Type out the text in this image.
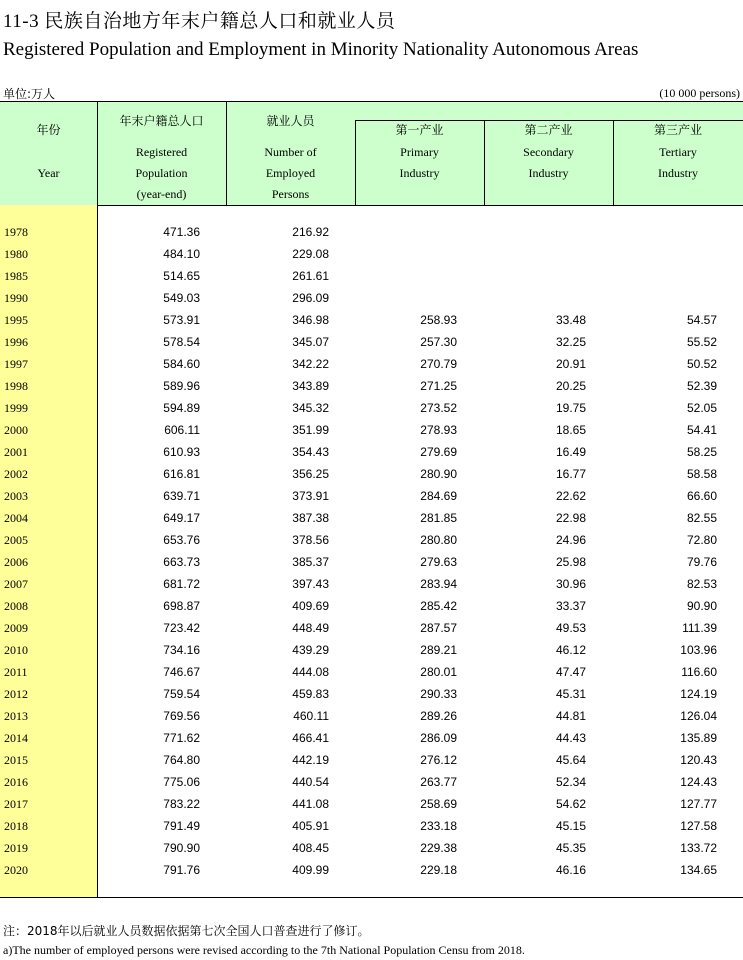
11-3 民族自治地方年末户籍总人口和就业人员
Registered Population and Employment in Minority Nationality Autonomous Areas
单位:万人	(10 000 persons)
年份
Year
年末户籍总人口
Registered
Population
(year-end)
就业人员
Number of
Employed
Persons
第一产业
Primary
Industry
第二产业
Secondary
Industry
第三产业
Tertiary
Industry
1978	471.36	216.92
1980	484.10	229.08
1985	514.65	261.61
1990	549.03	296.09
1995	573.91	346.98	258.93	33.48	54.57
1996	578.54	345.07	257.30	32.25	55.52
1997	584.60	342.22	270.79	20.91	50.52
1998	589.96	343.89	271.25	20.25	52.39
1999	594.89	345.32	273.52	19.75	52.05
2000	606.11	351.99	278.93	18.65	54.41
2001	610.93	354.43	279.69	16.49	58.25
2002	616.81	356.25	280.90	16.77	58.58
2003	639.71	373.91	284.69	22.62	66.60
2004	649.17	387.38	281.85	22.98	82.55
2005	653.76	378.56	280.80	24.96	72.80
2006	663.73	385.37	279.63	25.98	79.76
2007	681.72	397.43	283.94	30.96	82.53
2008	698.87	409.69	285.42	33.37	90.90
2009	723.42	448.49	287.57	49.53	111.39
2010	734.16	439.29	289.21	46.12	103.96
2011	746.67	444.08	280.01	47.47	116.60
2012	759.54	459.83	290.33	45.31	124.19
2013	769.56	460.11	289.26	44.81	126.04
2014	771.62	466.41	286.09	44.43	135.89
2015	764.80	442.19	276.12	45.64	120.43
2016	775.06	440.54	263.77	52.34	124.43
2017	783.22	441.08	258.69	54.62	127.77
2018	791.49	405.91	233.18	45.15	127.58
2019	790.90	408.45	229.38	45.35	133.72
2020	791.76	409.99	229.18	46.16	134.65
注：2018年以后就业人员数据依据第七次全国人口普查进行了修订。
a)The number of employed persons were revised according to the 7th National Population Censu from 2018.
